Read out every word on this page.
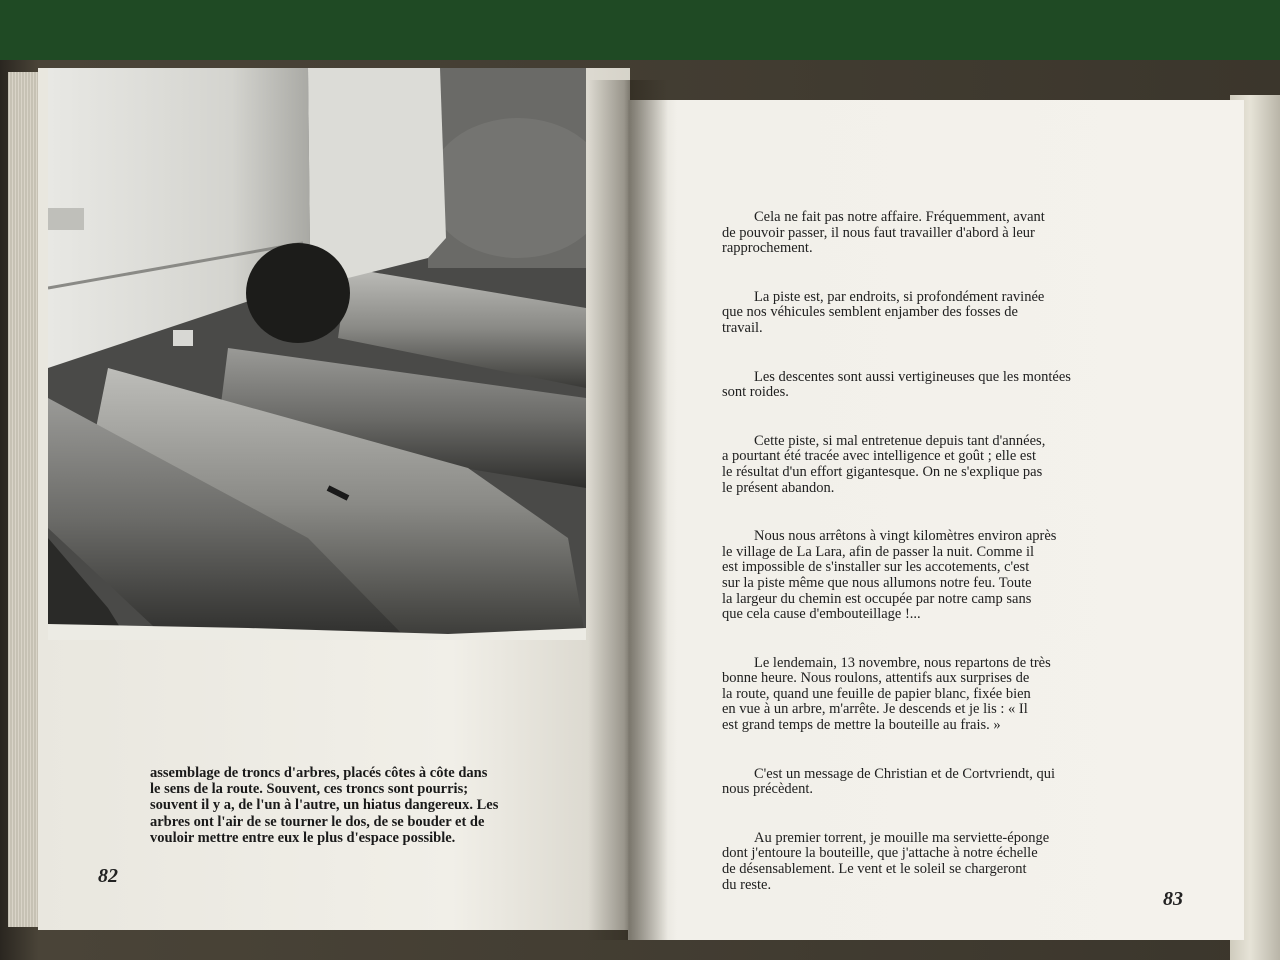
assemblage de troncs d'arbres, placés côtes à côte dans
le sens de la route. Souvent, ces troncs sont pourris;
souvent il y a, de l'un à l'autre, un hiatus dangereux. Les
arbres ont l'air de se tourner le dos, de se bouder et de
vouloir mettre entre eux le plus d'espace possible.
82

Cela ne fait pas notre affaire. Fréquemment, avant
de pouvoir passer, il nous faut travailler d'abord à leur
rapprochement.

La piste est, par endroits, si profondément ravinée
que nos véhicules semblent enjamber des fosses de
travail.

Les descentes sont aussi vertigineuses que les montées
sont roides.

Cette piste, si mal entretenue depuis tant d'années,
a pourtant été tracée avec intelligence et goût ; elle est
le résultat d'un effort gigantesque. On ne s'explique pas
le présent abandon.

Nous nous arrêtons à vingt kilomètres environ après
le village de La Lara, afin de passer la nuit. Comme il
est impossible de s'installer sur les accotements, c'est
sur la piste même que nous allumons notre feu. Toute
la largeur du chemin est occupée par notre camp sans
que cela cause d'embouteillage !...

Le lendemain, 13 novembre, nous repartons de très
bonne heure. Nous roulons, attentifs aux surprises de
la route, quand une feuille de papier blanc, fixée bien
en vue à un arbre, m'arrête. Je descends et je lis : « Il
est grand temps de mettre la bouteille au frais. »

C'est un message de Christian et de Cortvriendt, qui
nous précèdent.

Au premier torrent, je mouille ma serviette-éponge
dont j'entoure la bouteille, que j'attache à notre échelle
de désensablement. Le vent et le soleil se chargeront
du reste.

83
